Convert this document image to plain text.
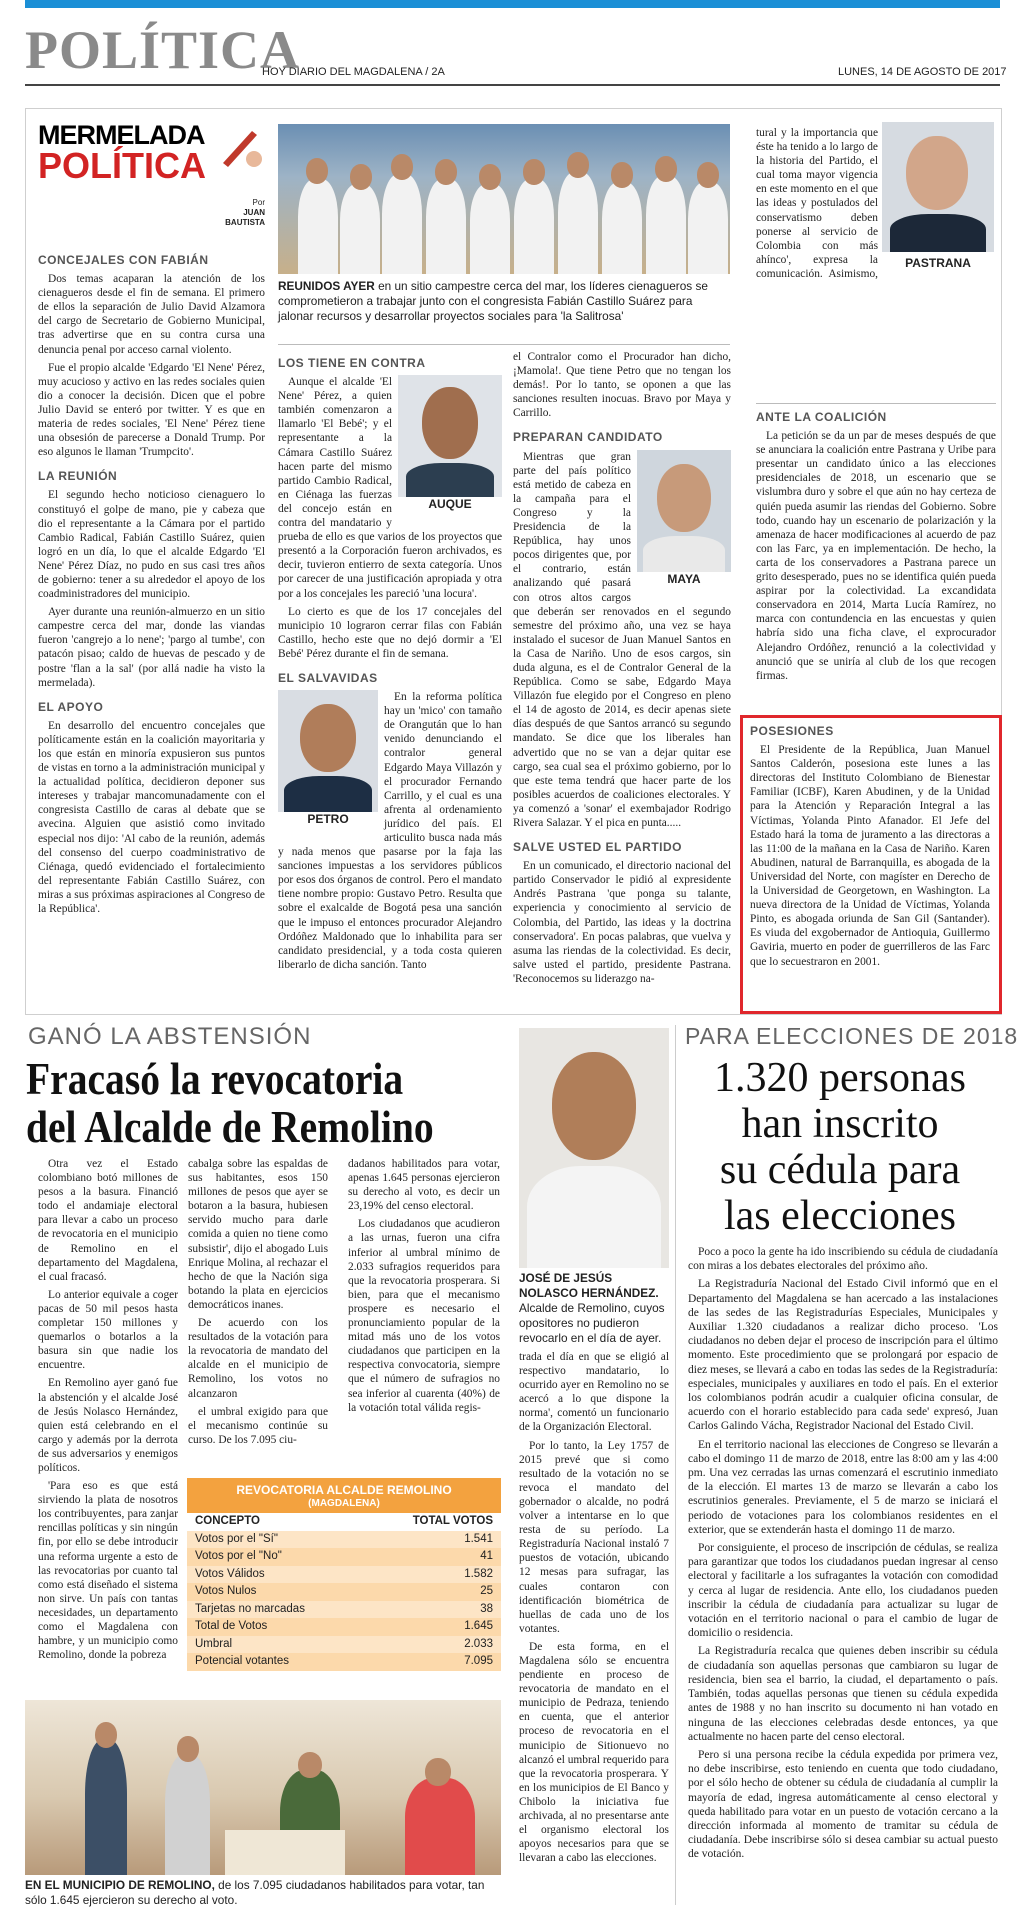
POLÍTICA
HOY DIARIO DEL MAGDALENA / 2A	LUNES, 14 DE AGOSTO DE 2017
MERMELADA
POLÍTICA
Por
JUAN
BAUTISTA
CONCEJALES CON FABIÁN

Dos temas acaparan la atención de los cienagueros desde el fin de semana. El primero de ellos la separación de Julio David Alzamora del cargo de Secretario de Gobierno Municipal, tras advertirse que en su contra cursa una denuncia penal por acceso carnal violento.

Fue el propio alcalde 'Edgardo 'El Nene' Pérez, muy acucioso y activo en las redes sociales quien dio a conocer la decisión. Dicen que el pobre Julio David se enteró por twitter. Y es que en materia de redes sociales, 'El Nene' Pérez tiene una obsesión de parecerse a Donald Trump. Por eso algunos le llaman 'Trumpcito'.

LA REUNIÓN

El segundo hecho noticioso cienaguero lo constituyó el golpe de mano, pie y cabeza que dio el representante a la Cámara por el partido Cambio Radical, Fabián Castillo Suárez, quien logró en un día, lo que el alcalde Edgardo 'El Nene' Pérez Díaz, no pudo en sus casi tres años de gobierno: tener a su alrededor el apoyo de los coadministradores del municipio.

Ayer durante una reunión-almuerzo en un sitio campestre cerca del mar, donde las viandas fueron 'cangrejo a lo nene'; 'pargo al tumbe', con patacón pisao; caldo de huevas de pescado y de postre 'flan a la sal' (por allá nadie ha visto la mermelada).

EL APOYO

En desarrollo del encuentro concejales que políticamente están en la coalición mayoritaria y los que están en minoría expusieron sus puntos de vistas en torno a la administración municipal y la actualidad política, decidieron deponer sus intereses y trabajar mancomunadamente con el congresista Castillo de caras al debate que se avecina. Alguien que asistió como invitado especial nos dijo: 'Al cabo de la reunión, además del consenso del cuerpo coadministrativo de Ciénaga, quedó evidenciado el fortalecimiento del representante Fabián Castillo Suárez, con miras a sus próximas aspiraciones al Congreso de la República'.

REUNIDOS AYER en un sitio campestre cerca del mar, los líderes cienagueros se comprometieron a trabajar junto con el congresista Fabián Castillo Suárez para jalonar recursos y desarrollar proyectos sociales para 'la Salitrosa'
LOS TIENE EN CONTRA
AUQUE

Aunque el alcalde 'El Nene' Pérez, a quien también comenzaron a llamarlo 'El Bebé'; y el representante a la Cámara Castillo Suárez hacen parte del mismo partido Cambio Radical, en Ciénaga las fuerzas del concejo están en contra del mandatario y prueba de ello es que varios de los proyectos que presentó a la Corporación fueron archivados, es decir, tuvieron entierro de sexta categoría. Unos por carecer de una justificación apropiada y otra por a los concejales les pareció 'una locura'.

Lo cierto es que de los 17 concejales del municipio 10 lograron cerrar filas con Fabián Castillo, hecho este que no dejó dormir a 'El Bebé' Pérez durante el fin de semana.

EL SALVAVIDAS
PETRO

En la reforma política hay un 'mico' con tamaño de Orangután que lo han venido denunciando el contralor general Edgardo Maya Villazón y el procurador Fernando Carrillo, y el cual es una afrenta al ordenamiento jurídico del país. El articulito busca nada más y nada menos que pasarse por la faja las sanciones impuestas a los servidores públicos por esos dos órganos de control. Pero el mandato tiene nombre propio: Gustavo Petro. Resulta que sobre el exalcalde de Bogotá pesa una sanción que le impuso el entonces procurador Alejandro Ordóñez Maldonado que lo inhabilita para ser candidato presidencial, y a toda costa quieren liberarlo de dicha sanción. Tanto

el Contralor como el Procurador han dicho, ¡Mamola!. Que tiene Petro que no tengan los demás!. Por lo tanto, se oponen a que las sanciones resulten inocuas. Bravo por Maya y Carrillo.

PREPARAN CANDIDATO
MAYA

Mientras que gran parte del país político está metido de cabeza en la campaña para el Congreso y la Presidencia de la República, hay unos pocos dirigentes que, por el contrario, están analizando qué pasará con otros altos cargos que deberán ser renovados en el segundo semestre del próximo año, una vez se haya instalado el sucesor de Juan Manuel Santos en la Casa de Nariño. Uno de esos cargos, sin duda alguna, es el de Contralor General de la República. Como se sabe, Edgardo Maya Villazón fue elegido por el Congreso en pleno el 14 de agosto de 2014, es decir apenas siete días después de que Santos arrancó su segundo mandato. Se dice que los liberales han advertido que no se van a dejar quitar ese cargo, sea cual sea el próximo gobierno, por lo que este tema tendrá que hacer parte de los posibles acuerdos de coaliciones electorales. Y ya comenzó a 'sonar' el exembajador Rodrigo Rivera Salazar. Y el pica en punta.....

SALVE USTED EL PARTIDO

En un comunicado, el directorio nacional del partido Conservador le pidió al expresidente Andrés Pastrana 'que ponga su talante, experiencia y conocimiento al servicio de Colombia, del Partido, las ideas y la doctrina conservadora'. En pocas palabras, que vuelva y asuma las riendas de la colectividad. Es decir, salve usted el partido, presidente Pastrana. 'Reconocemos su liderazgo na-

tural y la importancia que éste ha tenido a lo largo de la historia del Partido, el cual toma mayor vigencia en este momento en el que las ideas y postulados del conservatismo deben ponerse al servicio de Colombia con más ahínco', expresa la comunicación. Asimismo,

PASTRANA
ANTE LA COALICIÓN

La petición se da un par de meses después de que se anunciara la coalición entre Pastrana y Uribe para presentar un candidato único a las elecciones presidenciales de 2018, un escenario que se vislumbra duro y sobre el que aún no hay certeza de quién pueda asumir las riendas del Gobierno. Sobre todo, cuando hay un escenario de polarización y la amenaza de hacer modificaciones al acuerdo de paz con las Farc, ya en implementación. De hecho, la carta de los conservadores a Pastrana parece un grito desesperado, pues no se identifica quién pueda aspirar por la colectividad. La excandidata conservadora en 2014, Marta Lucía Ramírez, no marca con contundencia en las encuestas y quien habría sido una ficha clave, el exprocurador Alejandro Ordóñez, renunció a la colectividad y anunció que se uniría al club de los que recogen firmas.

POSESIONES

El Presidente de la República, Juan Manuel Santos Calderón, posesiona este lunes a las directoras del Instituto Colombiano de Bienestar Familiar (ICBF), Karen Abudinen, y de la Unidad para la Atención y Reparación Integral a las Víctimas, Yolanda Pinto Afanador. El Jefe del Estado hará la toma de juramento a las directoras a las 11:00 de la mañana en la Casa de Nariño. Karen Abudinen, natural de Barranquilla, es abogada de la Universidad del Norte, con magíster en Derecho de la Universidad de Georgetown, en Washington. La nueva directora de la Unidad de Víctimas, Yolanda Pinto, es abogada oriunda de San Gil (Santander). Es viuda del exgobernador de Antioquia, Guillermo Gaviria, muerto en poder de guerrilleros de las Farc que lo secuestraron en 2001.

GANÓ LA ABSTENSIÓN
Fracasó la revocatoria
del Alcalde de Remolino

Otra vez el Estado colombiano botó millones de pesos a la basura. Financió todo el andamiaje electoral para llevar a cabo un proceso de revocatoria en el municipio de Remolino en el departamento del Magdalena, el cual fracasó.

Lo anterior equivale a coger pacas de 50 mil pesos hasta completar 150 millones y quemarlos o botarlos a la basura sin que nadie los encuentre.

En Remolino ayer ganó fue la abstención y el alcalde José de Jesús Nolasco Hernández, quien está celebrando en el cargo y además por la derrota de sus adversarios y enemigos políticos.

'Para eso es que está sirviendo la plata de nosotros los contribuyentes, para zanjar rencillas políticas y sin ningún fin, por ello se debe introducir una reforma urgente a esto de las revocatorias por cuanto tal como está diseñado el sistema non sirve. Un país con tantas necesidades, un departamento como el Magdalena con hambre, y un municipio como Remolino, donde la pobreza

cabalga sobre las espaldas de sus habitantes, esos 150 millones de pesos que ayer se botaron a la basura, hubiesen servido mucho para darle comida a quien no tiene como subsistir', dijo el abogado Luis Enrique Molina, al rechazar el hecho de que la Nación siga botando la plata en ejercicios democráticos inanes.

De acuerdo con los resultados de la votación para la revocatoria de mandato del alcalde en el municipio de Remolino, los votos no alcanzaron

el umbral exigido para que el mecanismo continúe su curso. De los 7.095 ciu-

dadanos habilitados para votar, apenas 1.645 personas ejercieron su derecho al voto, es decir un 23,19% del censo electoral.

Los ciudadanos que acudieron a las urnas, fueron una cifra inferior al umbral mínimo de 2.033 sufragios requeridos para que la revocatoria prosperara. Si bien, para que el mecanismo prospere es necesario el pronunciamiento popular de la mitad más uno de los votos ciudadanos que participen en la respectiva convocatoria, siempre que el número de sufragios no sea inferior al cuarenta (40%) de la votación total válida regis-

REVOCATORIA ALCALDE REMOLINO
(MAGDALENA)
CONCEPTO	TOTAL VOTOS
Votos por el "Sí"	1.541
Votos por el "No"	41
Votos Válidos	1.582
Votos Nulos	25
Tarjetas no marcadas	38
Total de Votos	1.645
Umbral	2.033
Potencial votantes	7.095
JOSÉ DE JESÚS NOLASCO HERNÁNDEZ. Alcalde de Remolino, cuyos opositores no pudieron revocarlo en el día de ayer.

trada el día en que se eligió al respectivo mandatario, lo ocurrido ayer en Remolino no se acercó a lo que dispone la norma', comentó un funcionario de la Organización Electoral.

Por lo tanto, la Ley 1757 de 2015 prevé que si como resultado de la votación no se revoca el mandato del gobernador o alcalde, no podrá volver a intentarse en lo que resta de su período. La Registraduría Nacional instaló 7 puestos de votación, ubicando 12 mesas para sufragar, las cuales contaron con identificación biométrica de huellas de cada uno de los votantes.

De esta forma, en el Magdalena sólo se encuentra pendiente en proceso de revocatoria de mandato en el municipio de Pedraza, teniendo en cuenta, que el anterior proceso de revocatoria en el municipio de Sitionuevo no alcanzó el umbral requerido para que la revocatoria prosperara. Y en los municipios de El Banco y Chibolo la iniciativa fue archivada, al no presentarse ante el organismo electoral los apoyos necesarios para que se llevaran a cabo las elecciones.

EN EL MUNICIPIO DE REMOLINO, de los 7.095 ciudadanos habilitados para votar, tan sólo 1.645 ejercieron su derecho al voto.
PARA ELECCIONES DE 2018
1.320 personas
han inscrito
su cédula para
las elecciones

Poco a poco la gente ha ido inscribiendo su cédula de ciudadanía con miras a los debates electorales del próximo año.

La Registraduría Nacional del Estado Civil informó que en el Departamento del Magdalena se han acercado a las instalaciones de las sedes de las Registradurías Especiales, Municipales y Auxiliar 1.320 ciudadanos a realizar dicho proceso. 'Los ciudadanos no deben dejar el proceso de inscripción para el último momento. Este procedimiento que se prolongará por espacio de diez meses, se llevará a cabo en todas las sedes de la Registraduría: especiales, municipales y auxiliares en todo el país. En el exterior los colombianos podrán acudir a cualquier oficina consular, de acuerdo con el horario establecido para cada sede' expresó, Juan Carlos Galindo Vácha, Registrador Nacional del Estado Civil.

En el territorio nacional las elecciones de Congreso se llevarán a cabo el domingo 11 de marzo de 2018, entre las 8:00 am y las 4:00 pm. Una vez cerradas las urnas comenzará el escrutinio inmediato de la elección. El martes 13 de marzo se llevarán a cabo los escrutinios generales. Previamente, el 5 de marzo se iniciará el periodo de votaciones para los colombianos residentes en el exterior, que se extenderán hasta el domingo 11 de marzo.

Por consiguiente, el proceso de inscripción de cédulas, se realiza para garantizar que todos los ciudadanos puedan ingresar al censo electoral y facilitarle a los sufragantes la votación con comodidad y cerca al lugar de residencia. Ante ello, los ciudadanos pueden inscribir la cédula de ciudadanía para actualizar su lugar de votación en el territorio nacional o para el cambio de lugar de domicilio o residencia.

La Registraduría recalca que quienes deben inscribir su cédula de ciudadanía son aquellas personas que cambiaron su lugar de residencia, bien sea el barrio, la ciudad, el departamento o país. También, todas aquellas personas que tienen su cédula expedida antes de 1988 y no han inscrito su documento ni han votado en ninguna de las elecciones celebradas desde entonces, ya que actualmente no hacen parte del censo electoral.

Pero si una persona recibe la cédula expedida por primera vez, no debe inscribirse, esto teniendo en cuenta que todo ciudadano, por el sólo hecho de obtener su cédula de ciudadanía al cumplir la mayoría de edad, ingresa automáticamente al censo electoral y queda habilitado para votar en un puesto de votación cercano a la dirección informada al momento de tramitar su cédula de ciudadanía. Debe inscribirse sólo si desea cambiar su actual puesto de votación.
